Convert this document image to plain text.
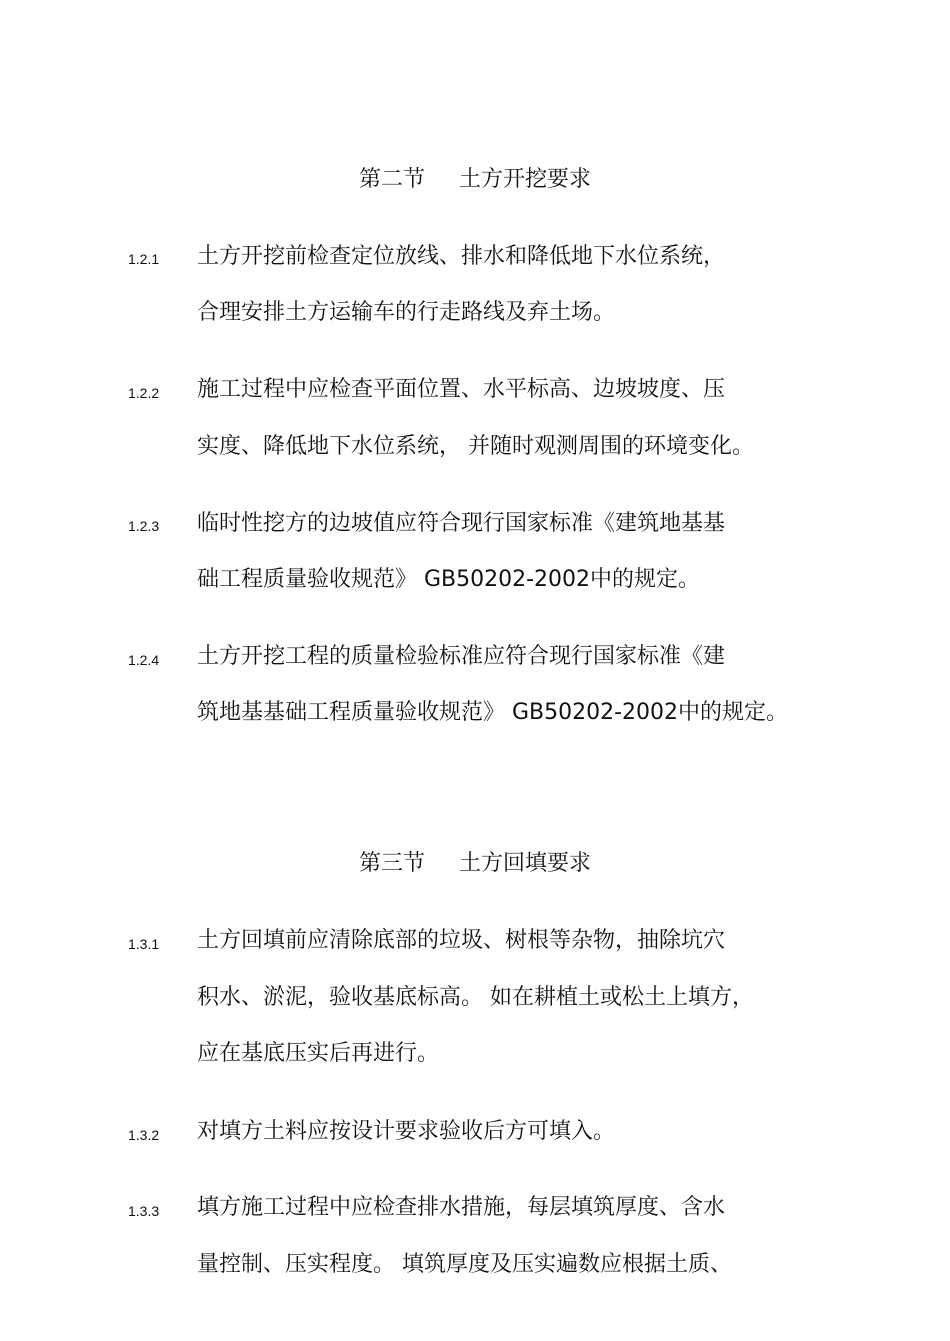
第二节 土方开挖要求
1.2.1 土方开挖前检查定位放线、排水和降低地下水位系统，
合理安排土方运输车的行走路线及弃土场。
1.2.2 施工过程中应检查平面位置、水平标高、边坡坡度、压
实度、降低地下水位系统， 并随时观测周围的环境变化。
1.2.3 临时性挖方的边坡值应符合现行国家标准《建筑地基基
础工程质量验收规范》 GB50202-2002中的规定。
1.2.4 土方开挖工程的质量检验标准应符合现行国家标准《建
筑地基基础工程质量验收规范》 GB50202-2002中的规定。
第三节 土方回填要求
1.3.1 土方回填前应清除底部的垃圾、树根等杂物，抽除坑穴
积水、淤泥，验收基底标高。 如在耕植土或松土上填方，
应在基底压实后再进行。
1.3.2 对填方土料应按设计要求验收后方可填入。
1.3.3 填方施工过程中应检查排水措施，每层填筑厚度、含水
量控制、压实程度。 填筑厚度及压实遍数应根据土质、
